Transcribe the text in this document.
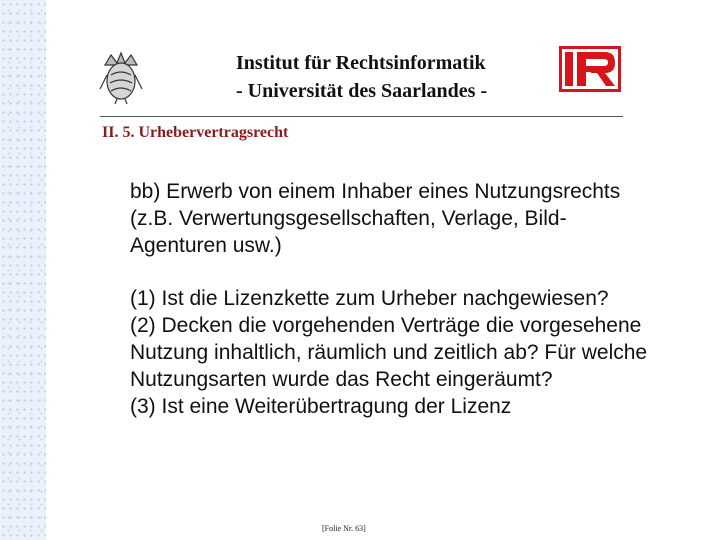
Institut für Rechtsinformatik
- Universität des Saarlandes -
II. 5. Urhebervertragsrecht

bb) Erwerb von einem Inhaber eines Nutzungsrechts (z.B. Verwertungsgesellschaften, Verlage, Bild-Agenturen usw.)

(1) Ist die Lizenzkette zum Urheber nachgewiesen?

(2) Decken die vorgehenden Verträge die vorgesehene Nutzung inhaltlich, räumlich und zeitlich ab? Für welche Nutzungsarten wurde das Recht eingeräumt?

(3) Ist eine Weiterübertragung der Lizenz

[Folie Nr. 63]
